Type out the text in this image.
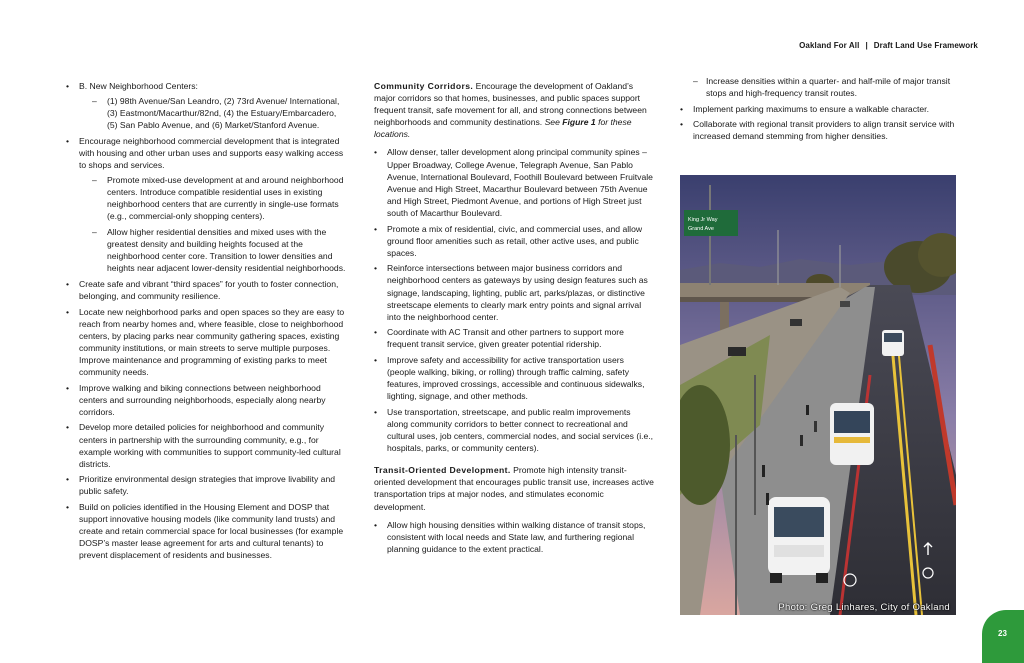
Oakland For All | Draft Land Use Framework
• B. New Neighborhood Centers:
– (1) 98th Avenue/San Leandro, (2) 73rd Avenue/ International, (3) Eastmont/Macarthur/82nd, (4) the Estuary/Embarcadero, (5) San Pablo Avenue, and (6) Market/Stanford Avenue.
• Encourage neighborhood commercial development that is integrated with housing and other urban uses and supports easy walking access to shops and services.
– Promote mixed-use development at and around neighborhood centers. Introduce compatible residential uses in existing neighborhood centers that are currently in single-use formats (e.g., commercial-only shopping centers).
– Allow higher residential densities and mixed uses with the greatest density and building heights focused at the neighborhood center core. Transition to lower densities and heights near adjacent lower-density residential neighborhoods.
• Create safe and vibrant “third spaces” for youth to foster connection, belonging, and community resilience.
• Locate new neighborhood parks and open spaces so they are easy to reach from nearby homes and, where feasible, close to neighborhood centers, by placing parks near community gathering spaces, existing community institutions, or main streets to serve multiple purposes. Improve maintenance and programming of existing parks to meet community needs.
• Improve walking and biking connections between neighborhood centers and surrounding neighborhoods, especially along nearby corridors.
• Develop more detailed policies for neighborhood and community centers in partnership with the surrounding community, e.g., for example working with communities to support community-led cultural districts.
• Prioritize environmental design strategies that improve livability and public safety.
• Build on policies identified in the Housing Element and DOSP that support innovative housing models (like community land trusts) and create and retain commercial space for local businesses (for example DOSP’s master lease agreement for arts and cultural tenants) to prevent displacement of residents and businesses.

Community Corridors. Encourage the development of Oakland’s major corridors so that homes, businesses, and public spaces support frequent transit, safe movement for all, and strong connections between neighborhoods and community destinations. See Figure 1 for these locations.

• Allow denser, taller development along principal community spines – Upper Broadway, College Avenue, Telegraph Avenue, San Pablo Avenue, International Boulevard, Foothill Boulevard between Fruitvale Avenue and High Street, Macarthur Boulevard between 75th Avenue and High Street, Piedmont Avenue, and portions of High Street just south of Macarthur Boulevard.
• Promote a mix of residential, civic, and commercial uses, and allow ground floor amenities such as retail, other active uses, and public spaces.
• Reinforce intersections between major business corridors and neighborhood centers as gateways by using design features such as signage, landscaping, lighting, public art, parks/plazas, or distinctive streetscape elements to clearly mark entry points and signal arrival into the neighborhood center.
• Coordinate with AC Transit and other partners to support more frequent transit service, given greater potential ridership.
• Improve safety and accessibility for active transportation users (people walking, biking, or rolling) through traffic calming, safety features, improved crossings, accessible and continuous sidewalks, lighting, signage, and other methods.
• Use transportation, streetscape, and public realm improvements along community corridors to better connect to recreational and cultural uses, job centers, commercial nodes, and social services (i.e., hospitals, parks, or community centers).

Transit-Oriented Development. Promote high intensity transit-oriented development that encourages public transit use, increases active transportation trips at major nodes, and stimulates economic development.

• Allow high housing densities within walking distance of transit stops, consistent with local needs and State law, and furthering regional planning guidance to the extent practical.
– Increase densities within a quarter- and half-mile of major transit stops and high-frequency transit routes.
• Implement parking maximums to ensure a walkable character.
• Collaborate with regional transit providers to align transit service with increased demand stemming from higher densities.
King Jr Way
Grand Ave
Photo: Greg Linhares, City of Oakland
23
